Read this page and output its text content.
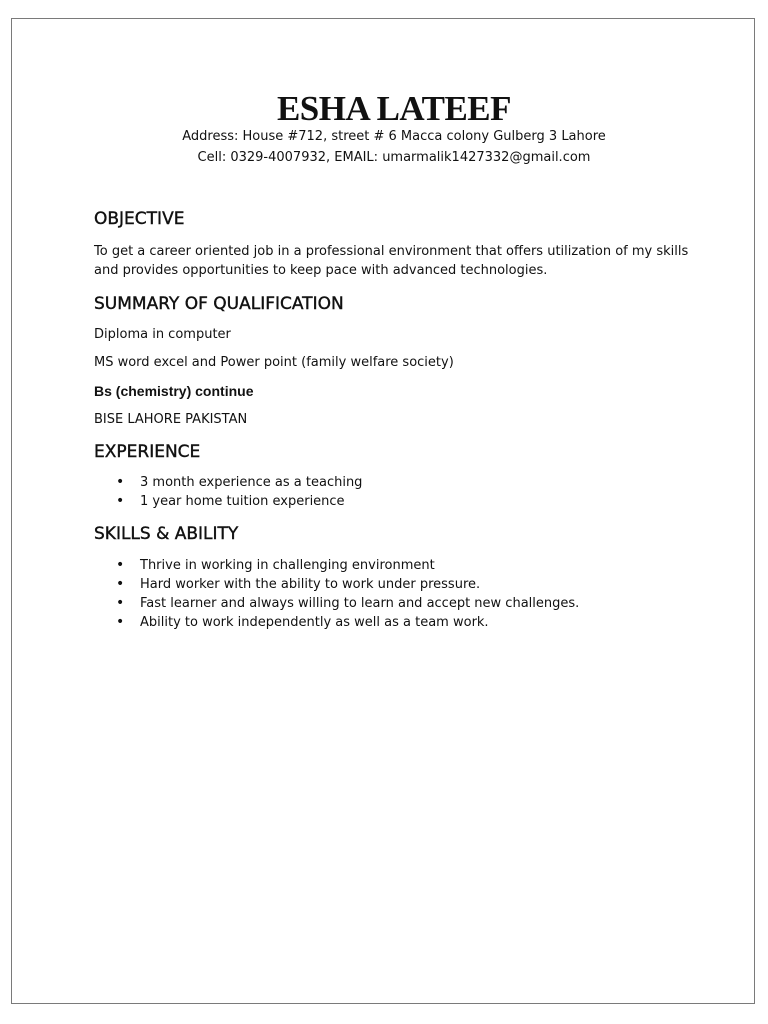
ESHA LATEEF

Address: House #712, street # 6 Macca colony Gulberg 3 Lahore

Cell: 0329-4007932, EMAIL: umarmalik1427332@gmail.com

OBJECTIVE

To get a career oriented job in a professional environment that offers utilization of my skills and provides opportunities to keep pace with advanced technologies.

SUMMARY OF QUALIFICATION

Diploma in computer

MS word excel and Power point (family welfare society)

Bs (chemistry) continue

BISE LAHORE PAKISTAN

EXPERIENCE
• 3 month experience as a teaching
• 1 year home tuition experience
SKILLS & ABILITY
• Thrive in working in challenging environment
• Hard worker with the ability to work under pressure.
• Fast learner and always willing to learn and accept new challenges.
• Ability to work independently as well as a team work.
